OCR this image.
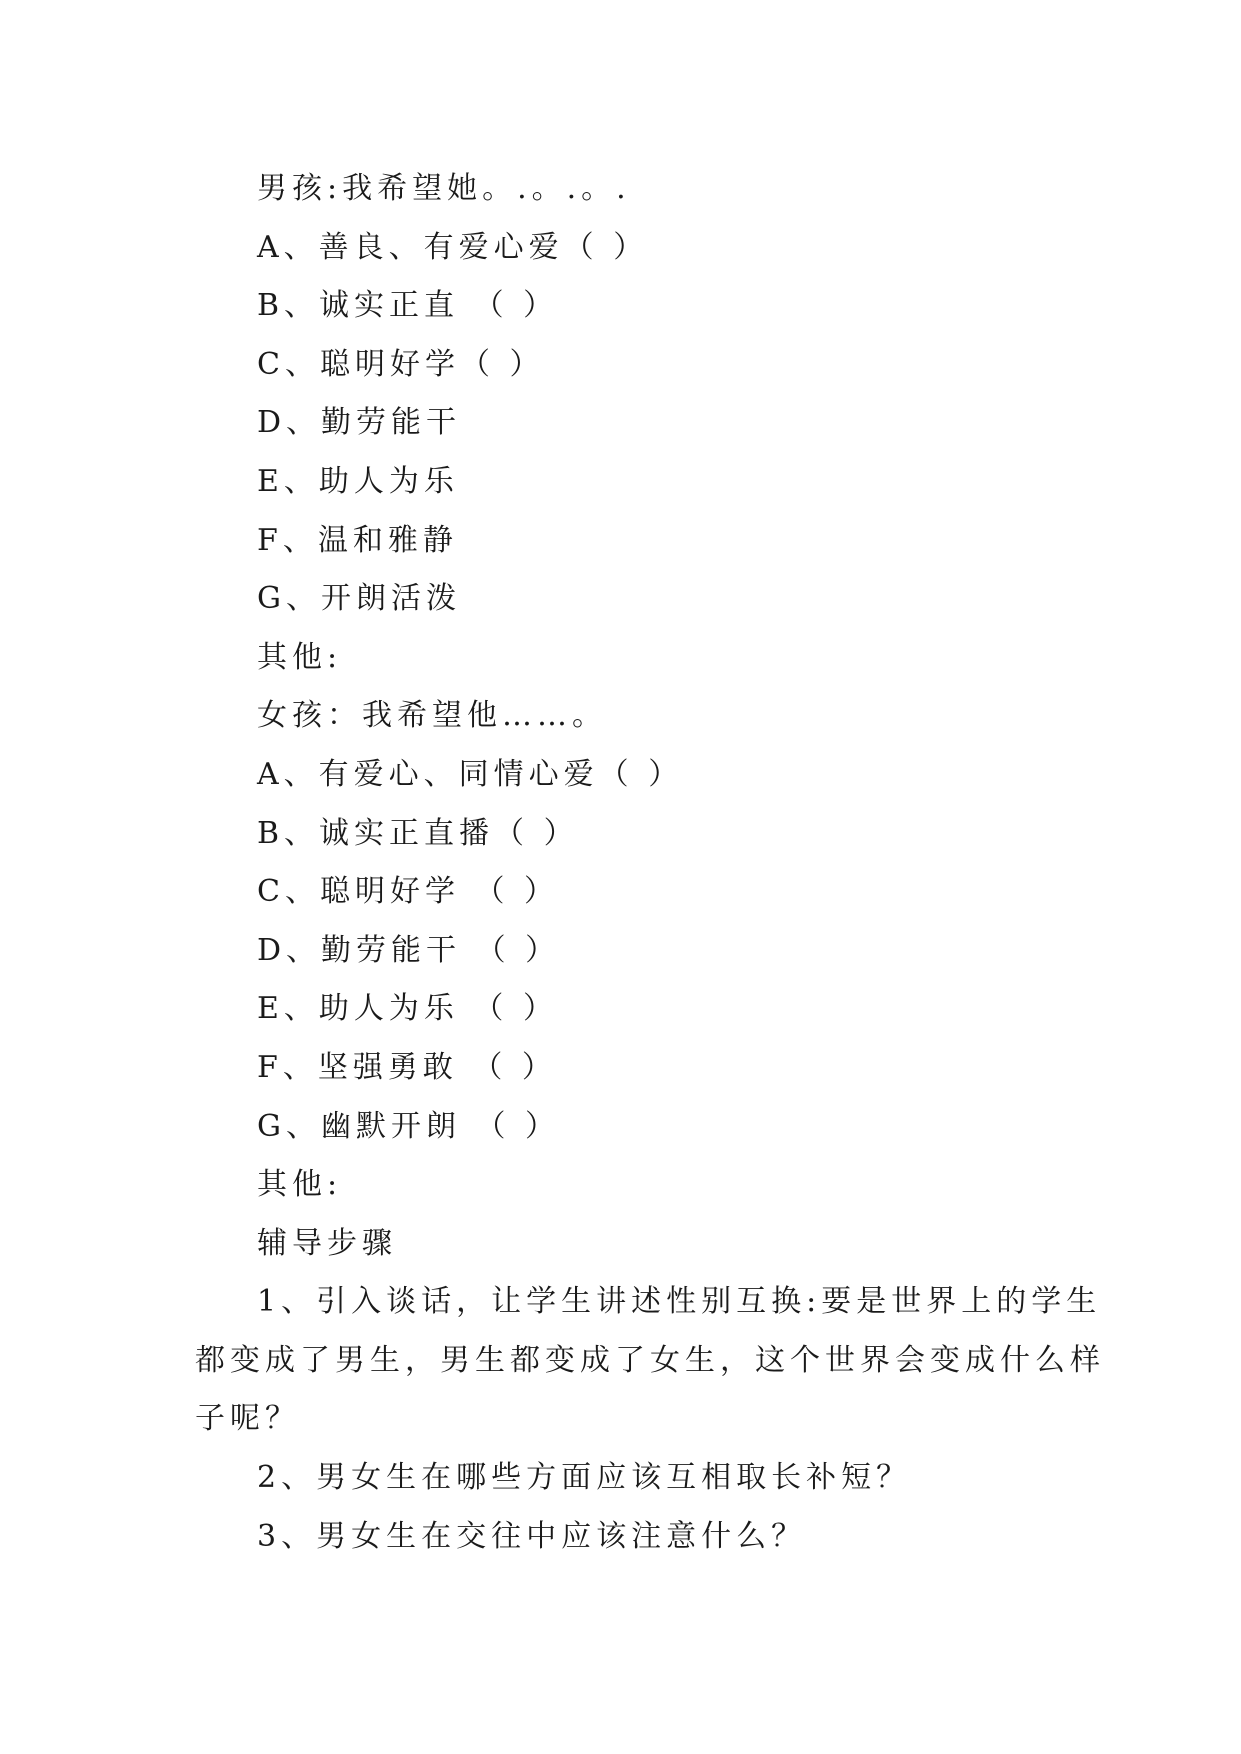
男孩:我希望她。.。.。.

A、善良、有爱心爱（ ）

B、诚实正直 （ ）

C、聪明好学（ ）

D、勤劳能干

E、助人为乐

F、温和雅静

G、开朗活泼

其他:

女孩：我希望他……。

A、有爱心、同情心爱（ ）

B、诚实正直播（ ）

C、聪明好学 （ ）

D、勤劳能干 （ ）

E、助人为乐 （ ）

F、坚强勇敢 （ ）

G、幽默开朗 （ ）

其他:

辅导步骤

1、引入谈话，让学生讲述性别互换:要是世界上的学生
都变成了男生，男生都变成了女生，这个世界会变成什么样
子呢？

2、男女生在哪些方面应该互相取长补短？

3、男女生在交往中应该注意什么？
